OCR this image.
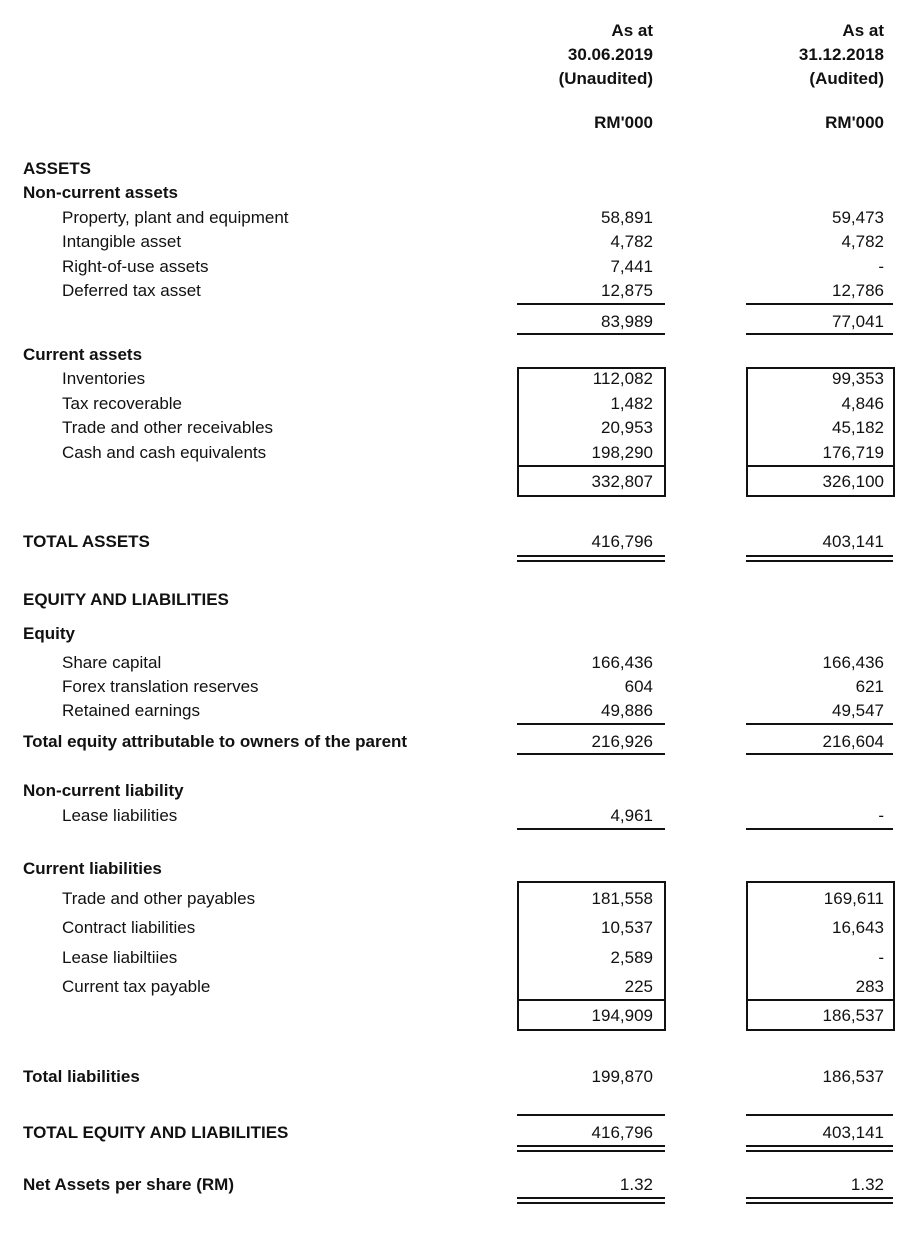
As at
30.06.2019
(Unaudited)
RM'000
As at
31.12.2018
(Audited)
RM'000
ASSETS
Non-current assets
Property, plant and equipment	58,891	59,473
Intangible asset	4,782	4,782
Right-of-use assets	7,441	-
Deferred tax asset	12,875	12,786
83,989	77,041
Current assets
Inventories	112,082	99,353
Tax recoverable	1,482	4,846
Trade and other receivables	20,953	45,182
Cash and cash equivalents	198,290	176,719
332,807	326,100
TOTAL ASSETS	416,796	403,141
EQUITY AND LIABILITIES
Equity
Share capital	166,436	166,436
Forex translation reserves	604	621
Retained earnings	49,886	49,547
Total equity attributable to owners of the parent	216,926	216,604
Non-current liability
Lease liabilities	4,961	-
Current liabilities
Trade and other payables	181,558	169,611
Contract liabilities	10,537	16,643
Lease liabiltiies	2,589	-
Current tax payable	225	283
194,909	186,537
Total liabilities	199,870	186,537
TOTAL EQUITY AND LIABILITIES	416,796	403,141
Net Assets per share (RM)	1.32	1.32
